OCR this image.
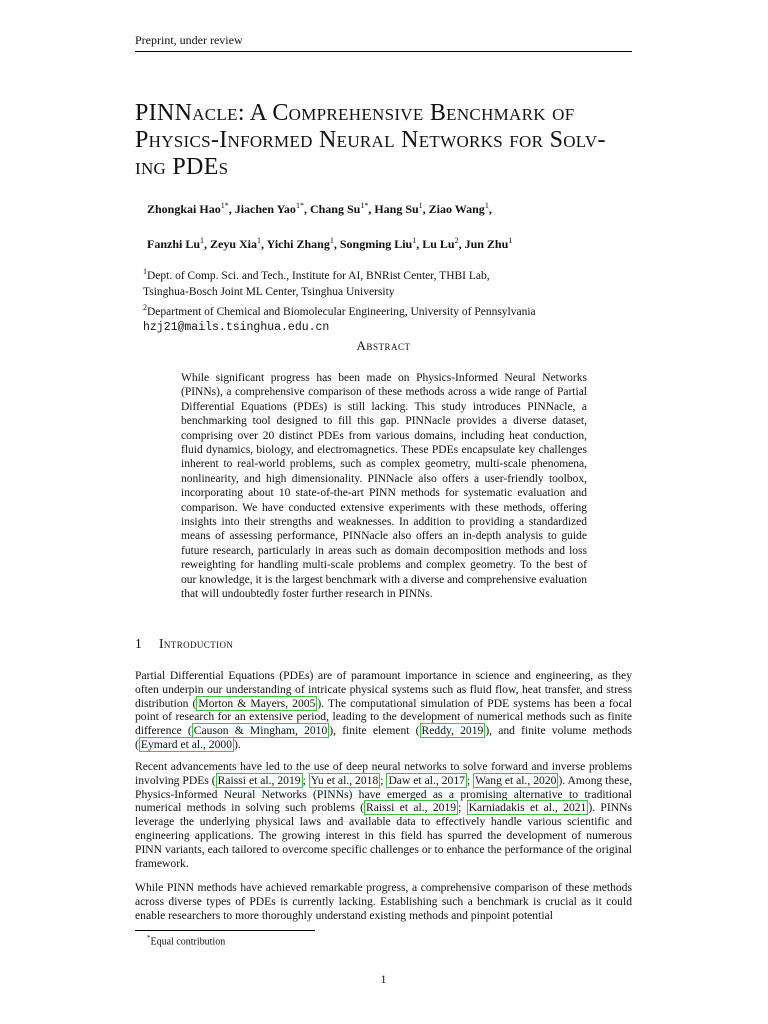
Preprint, under review
PINNacle: A Comprehensive Benchmark of
Physics-Informed Neural Networks for Solv-
ing PDEs
Zhongkai Hao$^{1*}$, Jiachen Yao$^{1*}$, Chang $Su^{1*}$, Hang Su$^1$, Ziao Wang$^1$,
Fanzhi Lu$^1$, Zeyu Xia$^1$, Yichi Zhang$^1$, Songming Liu$^1$, Lu Lu$^2$, Jun Zhu$^1$
$^1$Dept. of Comp. Sci. and Tech., Institute for AI, BNRist Center, THBI Lab,
Tsinghua-Bosch Joint ML Center, Tsinghua University
$^2$Department of Chemical and Biomolecular Engineering, University of Pennsylvania
hzj21@mails.tsinghua.edu.cn
Abstract
While significant progress has been made on Physics-Informed Neural Networks (PINNs), a comprehensive comparison of these methods across a wide range of Partial Differential Equations (PDEs) is still lacking. This study introduces PINNacle, a benchmarking tool designed to fill this gap. PINNacle provides a diverse dataset, comprising over 20 distinct PDEs from various domains, including heat conduction, fluid dynamics, biology, and electromagnetics. These PDEs encapsulate key challenges inherent to real-world problems, such as complex geometry, multi-scale phenomena, nonlinearity, and high dimensionality. PINNacle also offers a user-friendly toolbox, incorporating about 10 state-of-the-art PINN methods for systematic evaluation and comparison. We have conducted extensive experiments with these methods, offering insights into their strengths and weaknesses. In addition to providing a standardized means of assessing performance, PINNacle also offers an in-depth analysis to guide future research, particularly in areas such as domain decomposition methods and loss reweighting for handling multi-scale problems and complex geometry. To the best of our knowledge, it is the largest benchmark with a diverse and comprehensive evaluation that will undoubtedly foster further research in PINNs.
1 Introduction
Partial Differential Equations (PDEs) are of paramount importance in science and engineering, as they often underpin our understanding of intricate physical systems such as fluid flow, heat transfer, and stress distribution ( Morton & Mayers, 2005 ). The computational simulation of PDE systems has been a focal point of research for an extensive period, leading to the development of numerical methods such as finite difference ( Causon & Mingham, 2010 ), finite element ( Reddy, 2019 ), and finite volume methods ( Eymard et al., 2000 ).
Recent advancements have led to the use of deep neural networks to solve forward and inverse problems involving PDEs ( Raissi et al., 2019 ; Yu et al., 2018 ; Daw et al., 2017 ; Wang et al., 2020 ). Among these, Physics-Informed Neural Networks (PINNs) have emerged as a promising alternative to traditional numerical methods in solving such problems ( Raissi et al., 2019 ; Karniadakis et al., 2021 ). PINNs leverage the underlying physical laws and available data to effectively handle various scientific and engineering applications. The growing interest in this field has spurred the development of numerous PINN variants, each tailored to overcome specific challenges or to enhance the performance of the original framework.
While PINN methods have achieved remarkable progress, a comprehensive comparison of these methods across diverse types of PDEs is currently lacking. Establishing such a benchmark is crucial as it could enable researchers to more thoroughly understand existing methods and pinpoint potential
*Equal contribution
1
